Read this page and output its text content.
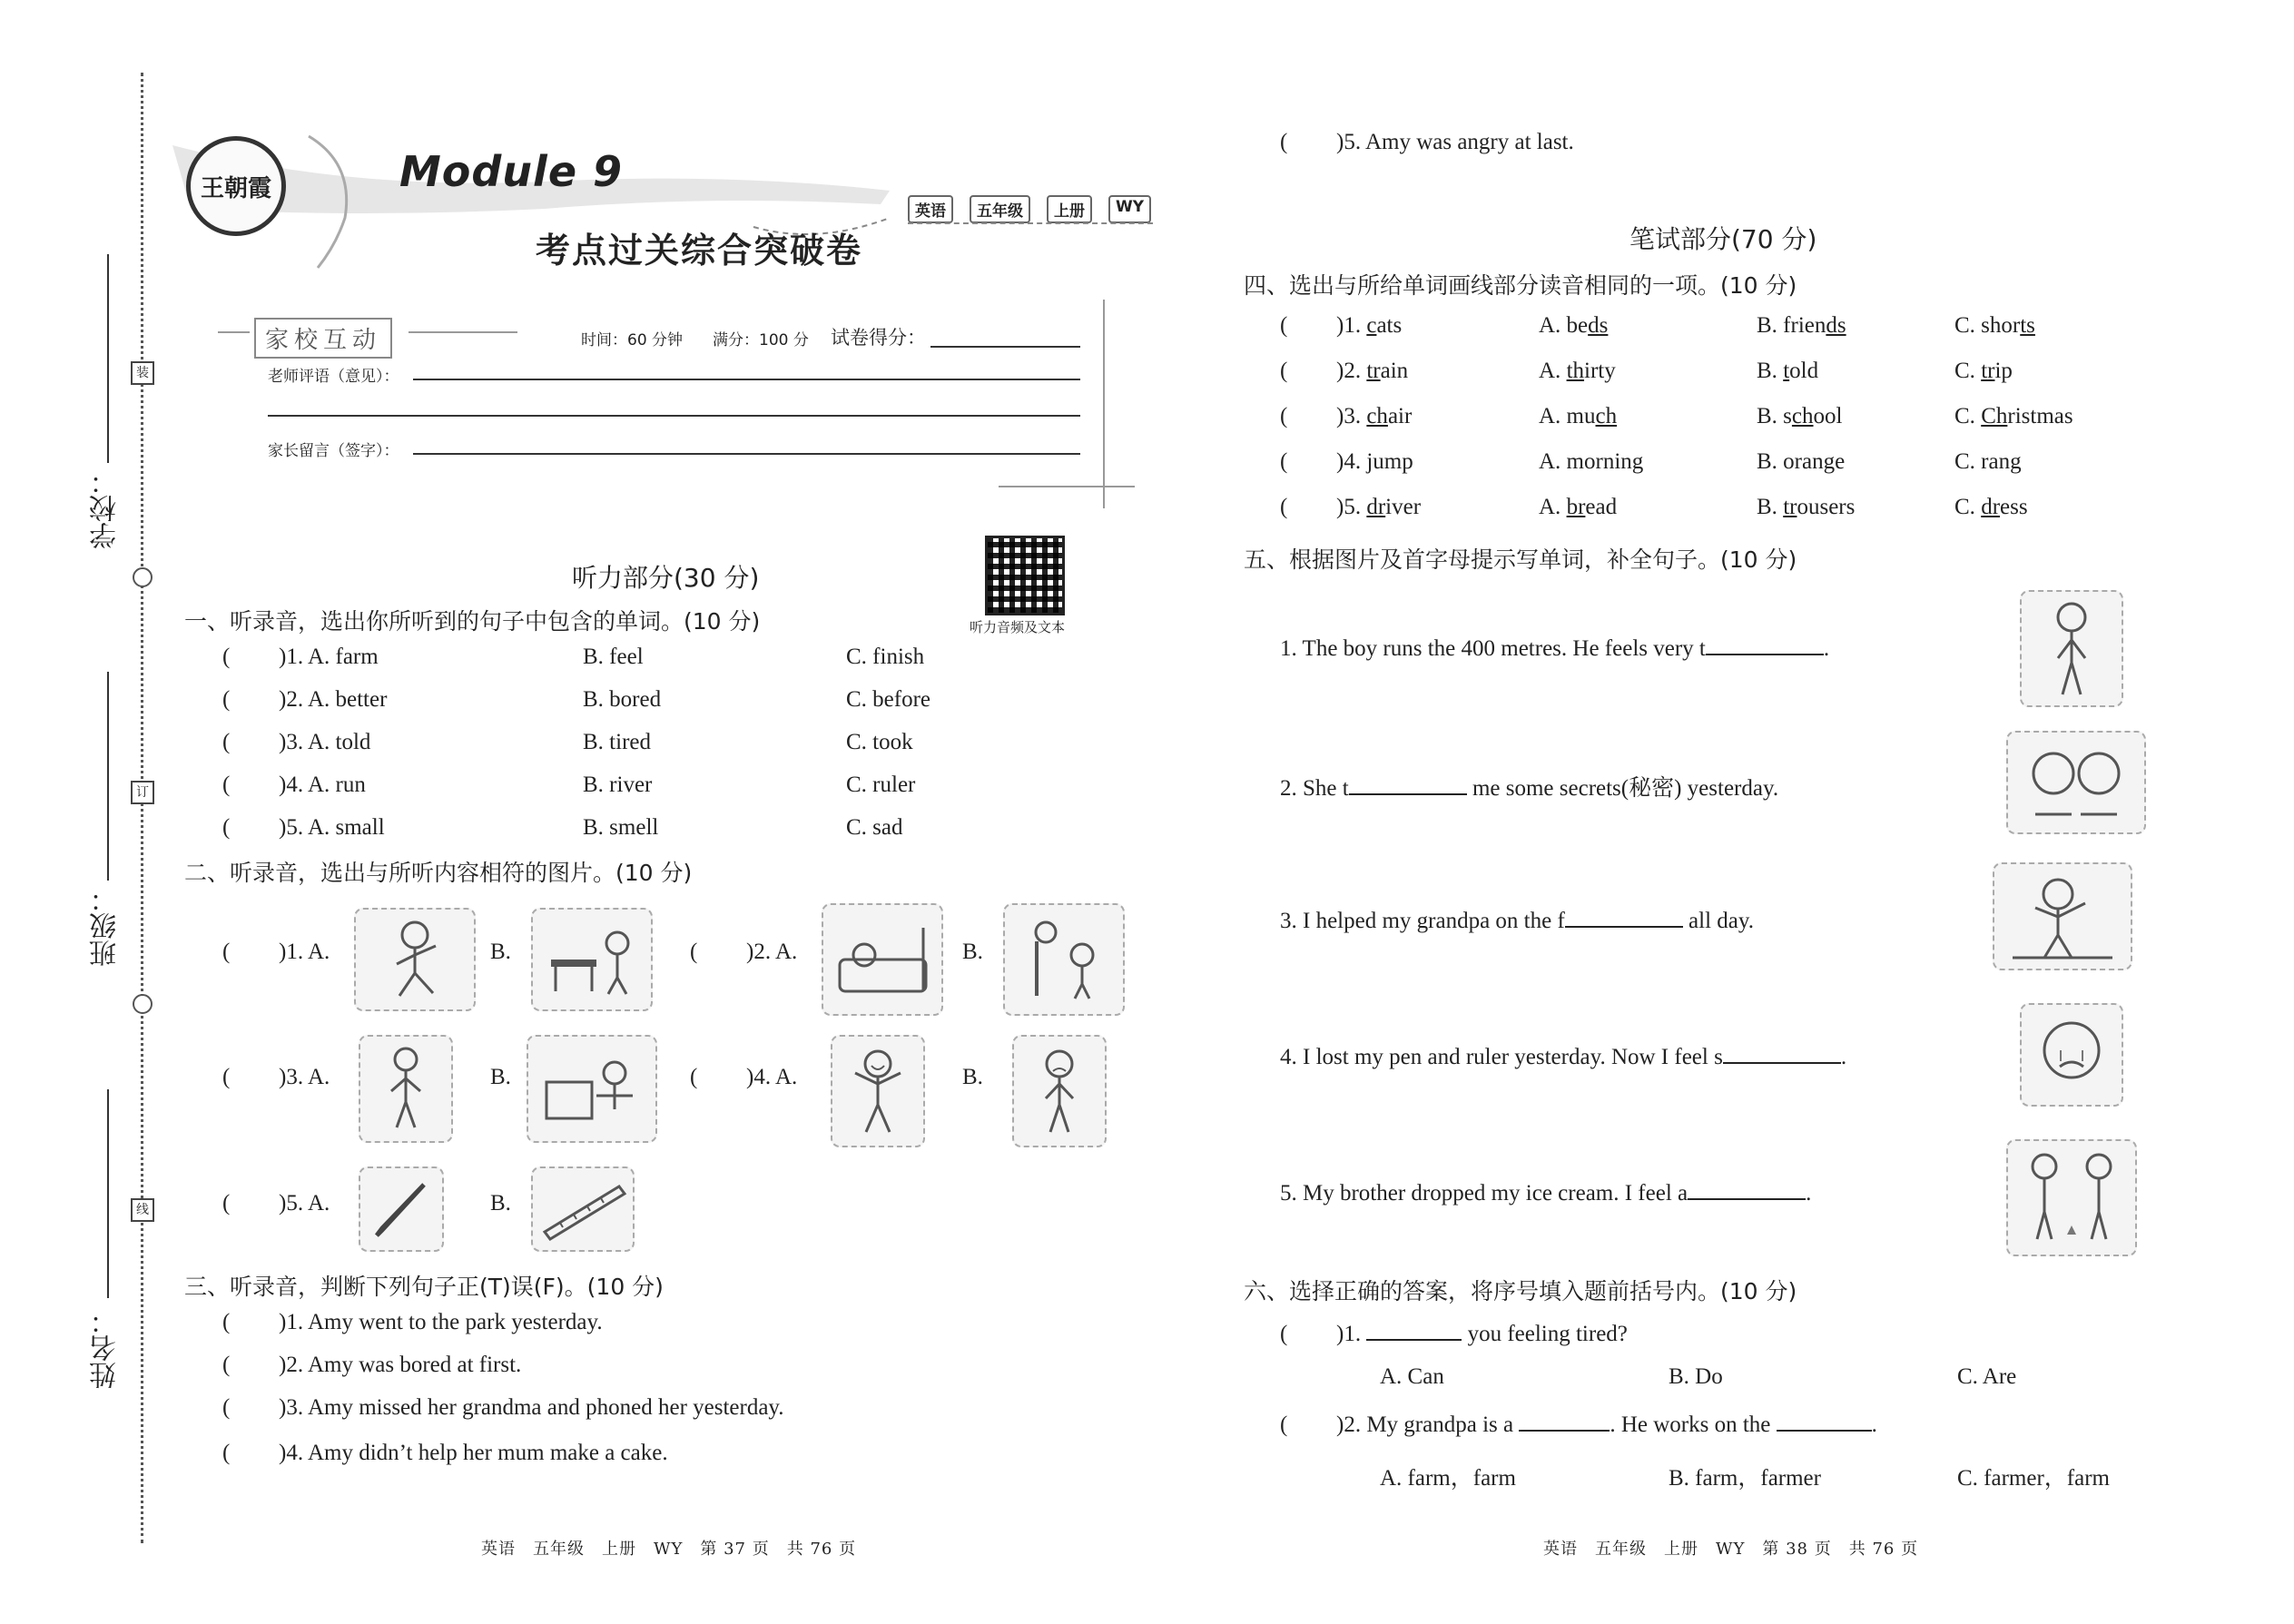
学校：
装
班级：
订
姓名：
线
王朝霞	Module 9
考点过关综合突破卷
英语	五年级	上册	WY
家校互动	时间：60 分钟 满分：100 分 试卷得分：
老师评语（意见）：
家长留言（签字）：
听力音频及文本
听力部分(30 分)
一、听录音，选出你所听到的句子中包含的单词。(10 分)
( )1. A. farm	B. feel	C. finish
( )2. A. better	B. bored	C. before
( )3. A. told	B. tired	C. took
( )4. A. run	B. river	C. ruler
( )5. A. small	B. smell	C. sad
二、听录音，选出与所听内容相符的图片。(10 分)
( )1. A.	B.	( )2. A.	B.
( )3. A.	B.	( )4. A.	B.
( )5. A.	B.
三、听录音，判断下列句子正(T)误(F)。(10 分)
( )1. Amy went to the park yesterday.
( )2. Amy was bored at first.
( )3. Amy missed her grandma and phoned her yesterday.
( )4. Amy didn’t help her mum make a cake.
英语　五年级　上册　WY　第 37 页　共 76 页
( )5. Amy was angry at last.
笔试部分(70 分)
四、选出与所给单词画线部分读音相同的一项。(10 分)
( )1. cats	A. beds	B. friends	C. shorts
( )2. train	A. thirty	B. told	C. trip
( )3. chair	A. much	B. school	C. Christmas
( )4. jump	A. morning	B. orange	C. rang
( )5. driver	A. bread	B. trousers	C. dress
五、根据图片及首字母提示写单词，补全句子。(10 分)
1. The boy runs the 400 metres. He feels very t	.
2. She t	me some secrets(秘密) yesterday.
3. I helped my grandpa on the f	all day.
4. I lost my pen and ruler yesterday. Now I feel s	.
5. My brother dropped my ice cream. I feel a	.
六、选择正确的答案，将序号填入题前括号内。(10 分)
( )1.	you feeling tired?
A. Can	B. Do	C. Are
( )2. My grandpa is a	. He works on the	.
A. farm，farm	B. farm，farmer	C. farmer，farm
英语　五年级　上册　WY　第 38 页　共 76 页
